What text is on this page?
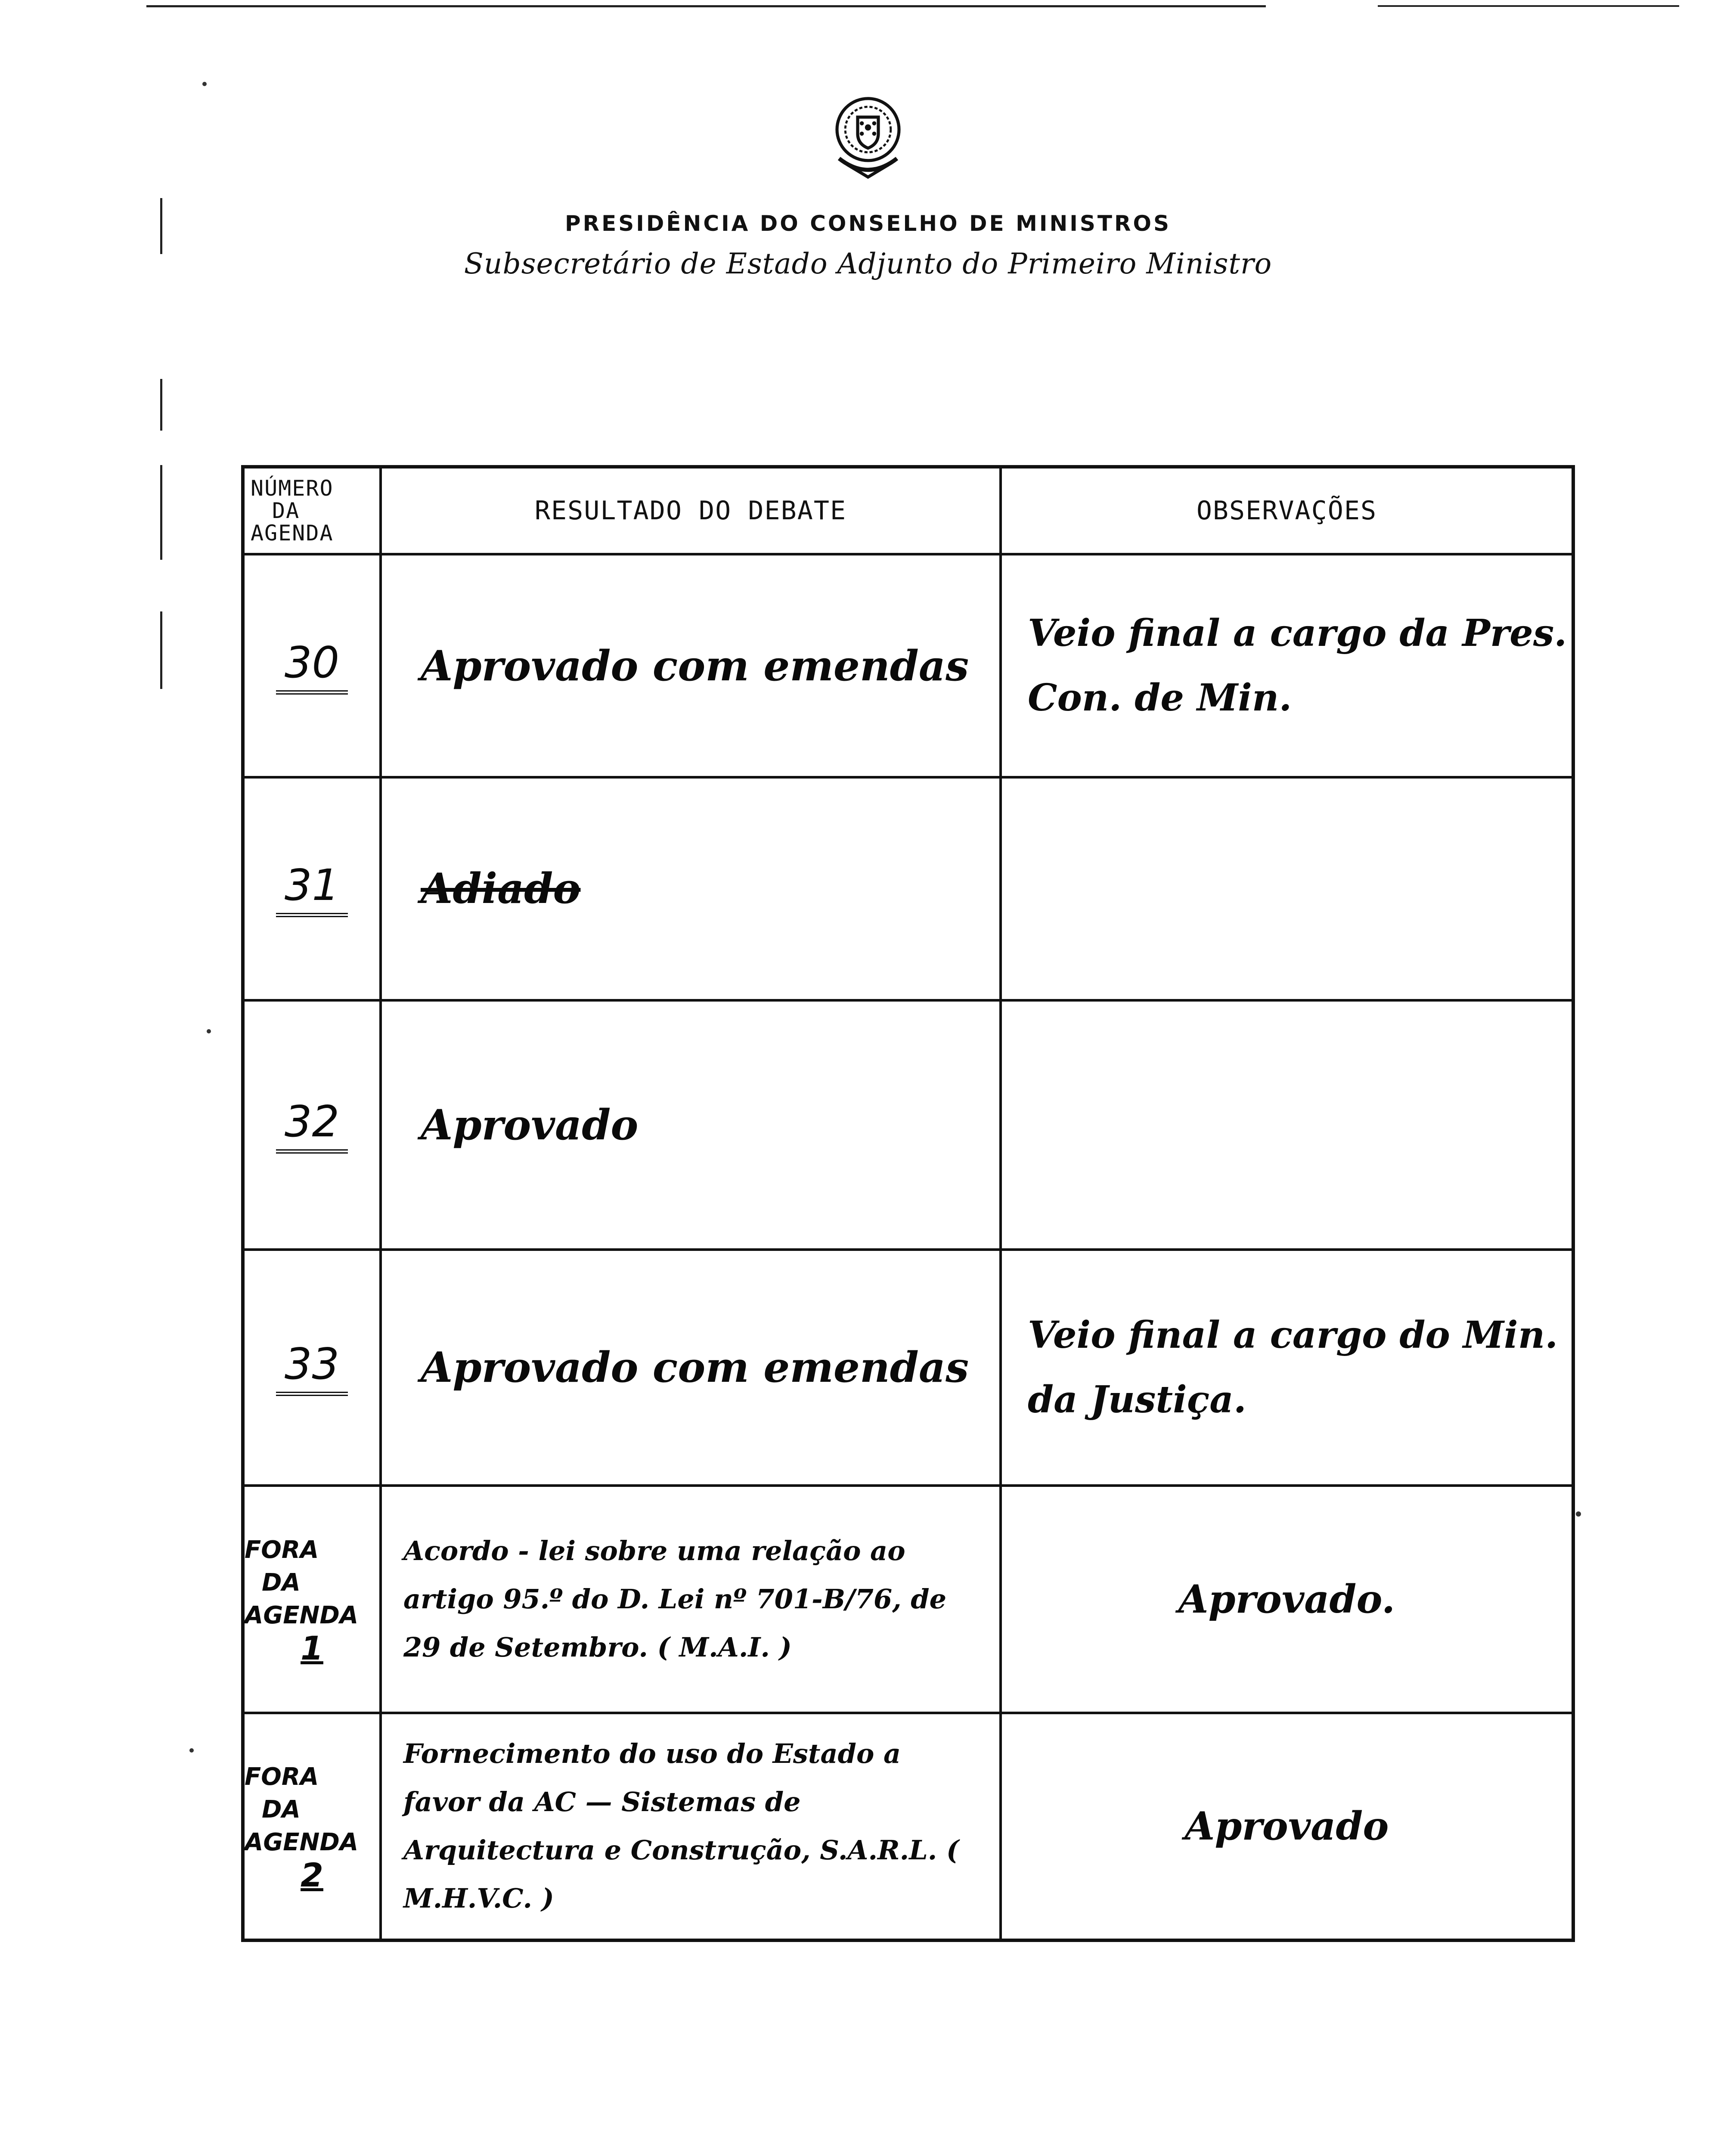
PRESIDÊNCIA DO CONSELHO DE MINISTROS
Subsecretário de Estado Adjunto do Primeiro Ministro
NÚMERO
DA
AGENDA	RESULTADO DO DEBATE	OBSERVAÇÕES
30	Aprovado com emendas	Veio final a cargo da Pres. Con. de Min.

31	Adiado	

32	Aprovado	

33	Aprovado com emendas	Veio final a cargo do Min. da Justiça.

FORA
DA
AGENDA
1	Acordo - lei sobre uma relação ao artigo 95.º do D. Lei nº 701-B/76, de 29 de Setembro. ( M.A.I. )	Aprovado.
FORA
DA
AGENDA
2	Fornecimento do uso do Estado a favor da AC — Sistemas de Arquitectura e Construção, S.A.R.L. ( M.H.V.C. )	Aprovado
